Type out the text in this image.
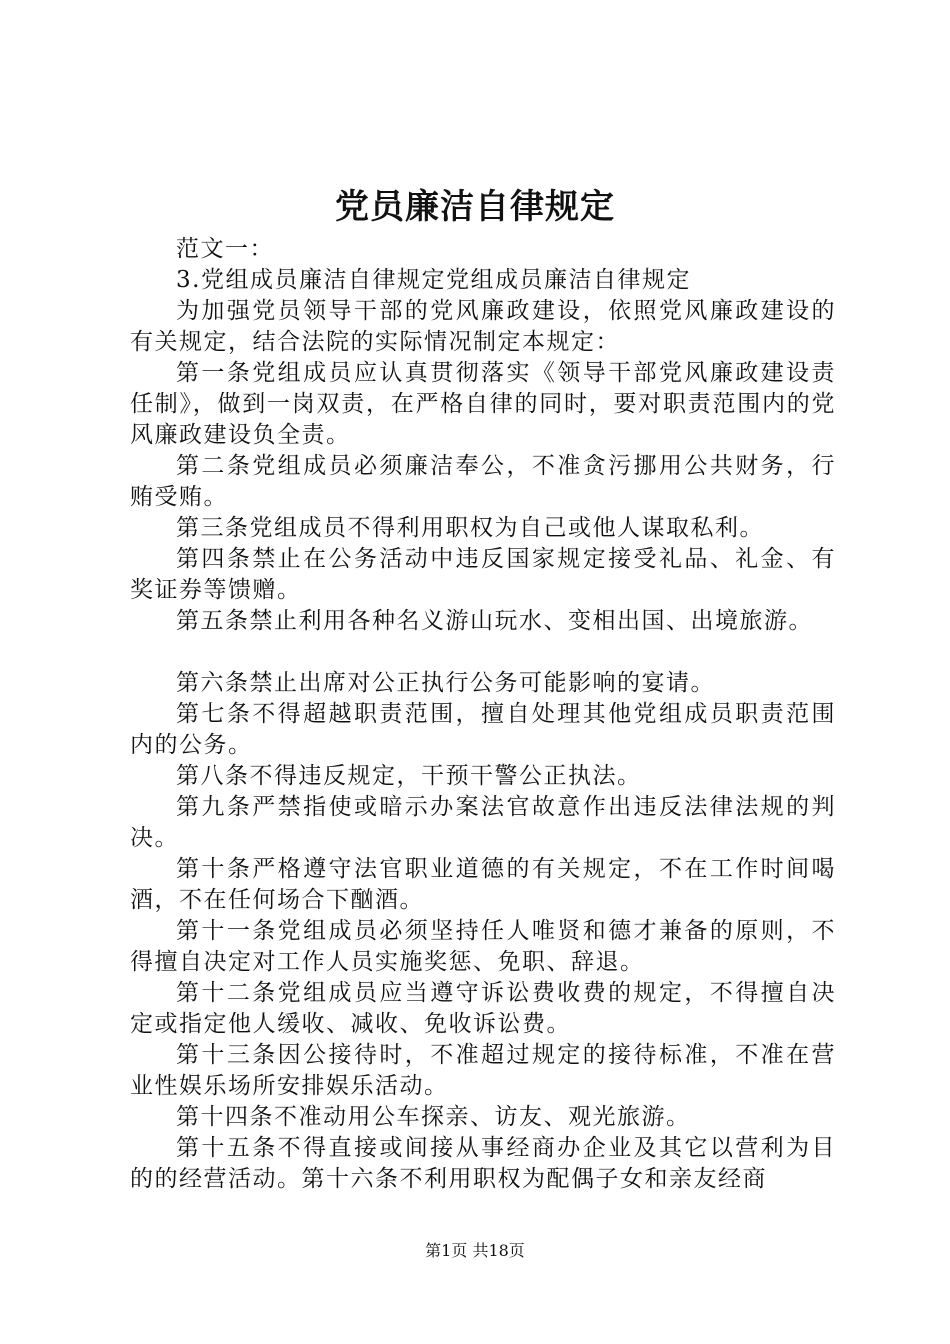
党员廉洁自律规定

范文一：

3.党组成员廉洁自律规定党组成员廉洁自律规定

为加强党员领导干部的党风廉政建设，依照党风廉政建设的有关规定，结合法院的实际情况制定本规定：

第一条党组成员应认真贯彻落实《领导干部党风廉政建设责任制》，做到一岗双责，在严格自律的同时，要对职责范围内的党风廉政建设负全责。

第二条党组成员必须廉洁奉公，不准贪污挪用公共财务，行贿受贿。

第三条党组成员不得利用职权为自己或他人谋取私利。

第四条禁止在公务活动中违反国家规定接受礼品、礼金、有奖证券等馈赠。

第五条禁止利用各种名义游山玩水、变相出国、出境旅游。

第六条禁止出席对公正执行公务可能影响的宴请。

第七条不得超越职责范围，擅自处理其他党组成员职责范围内的公务。

第八条不得违反规定，干预干警公正执法。

第九条严禁指使或暗示办案法官故意作出违反法律法规的判决。

第十条严格遵守法官职业道德的有关规定，不在工作时间喝酒，不在任何场合下酗酒。

第十一条党组成员必须坚持任人唯贤和德才兼备的原则，不得擅自决定对工作人员实施奖惩、免职、辞退。

第十二条党组成员应当遵守诉讼费收费的规定，不得擅自决定或指定他人缓收、减收、免收诉讼费。

第十三条因公接待时，不准超过规定的接待标准，不准在营业性娱乐场所安排娱乐活动。

第十四条不准动用公车探亲、访友、观光旅游。

第十五条不得直接或间接从事经商办企业及其它以营利为目的的经营活动。第十六条不利用职权为配偶子女和亲友经商

第1页 共18页
